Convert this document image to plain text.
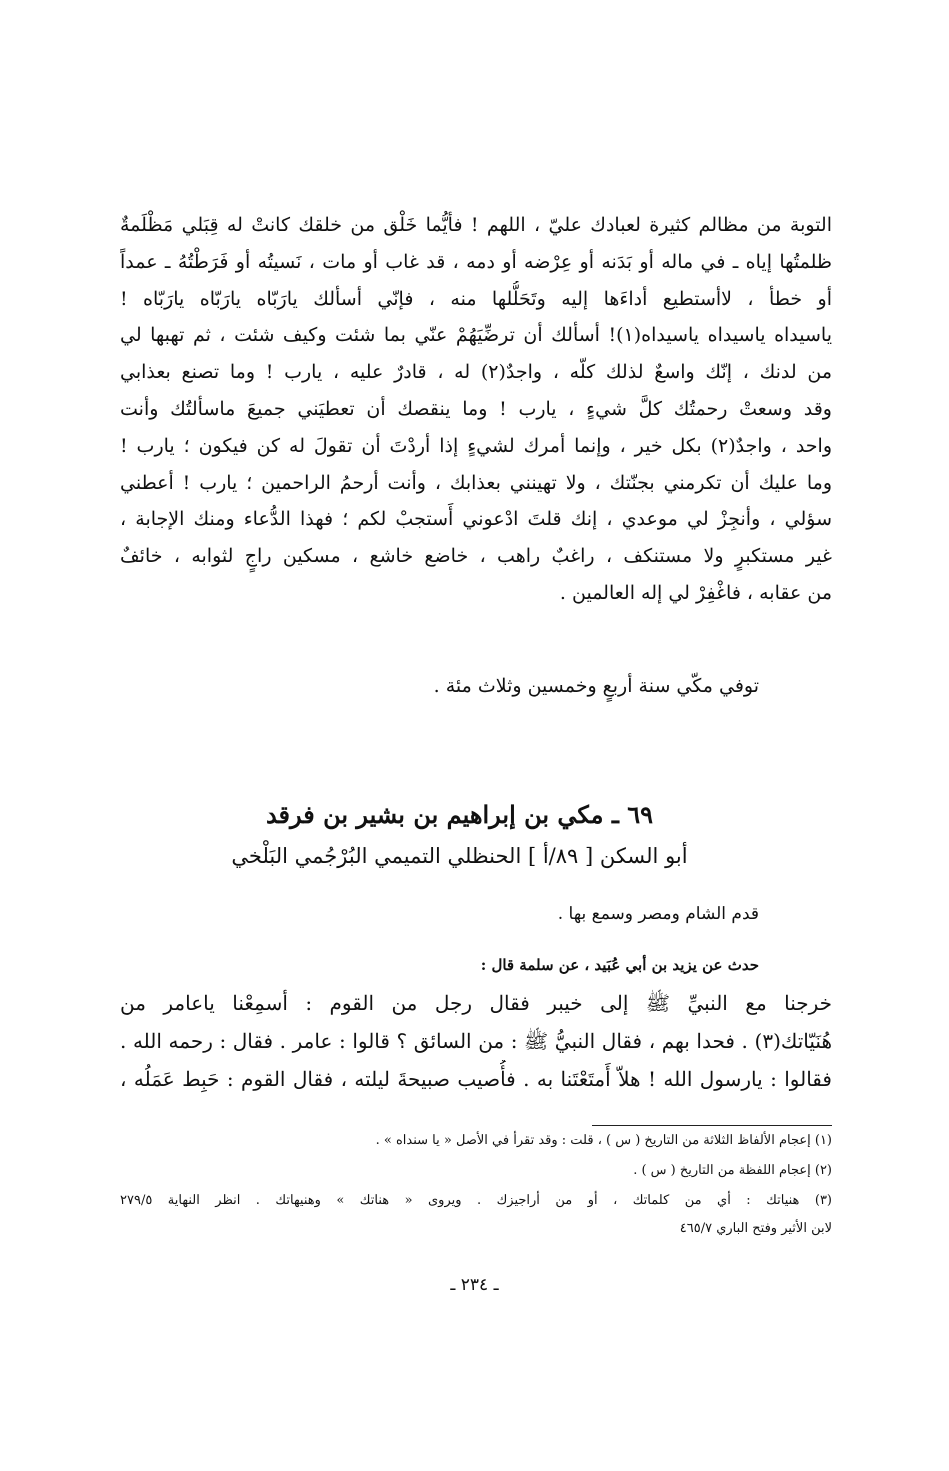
التوبة من مظالم كثيرة لعبادك عليّ ، اللهم ! فأيُّما خَلْق من خلقك كانتْ له قِبَلي مَظْلَمةٌ
ظلمتُها إياه ـ في ماله أو بَدَنه أو عِرْضه أو دمه ، قد غاب أو مات ، نَسيتُه أو فَرَطْتُهُ ـ عمداً
أو خطأ ، لاأستطيع أداءَها إليه وتَحَلُّلها منه ، فإنّي أسألك يارَبّاه يارَبّاه يارَبّاه !
ياسيداه ياسيداه ياسيداه(١)! أسألك أن ترضِّيَهُمْ عنّي بما شئت وكيف شئت ، ثم تهبها لي
من لدنك ، إنّك واسعٌ لذلك كلّه ، واجدٌ(٢) له ، قادرٌ عليه ، يارب ! وما تصنع بعذابي
وقد وسعتْ رحمتُك كلَّ شيءٍ ، يارب ! وما ينقصك أن تعطيَني جميعَ ماسألتُك وأنت
واحد ، واجدٌ(٢) بكل خير ، وإنما أمرك لشيءٍ إذا أردْتَ أن تقولَ له كن فيكون ؛ يارب !
وما عليك أن تكرمني بجنّتك ، ولا تهينني بعذابك ، وأنت أرحمُ الراحمين ؛ يارب ! أعطني
سؤلي ، وأنجِزْ لي موعدي ، إنك قلتَ ادْعوني أَستجبْ لكم ؛ فهذا الدُّعاء ومنك الإجابة ،
غير مستكبرٍ ولا مستنكف ، راغبٌ راهب ، خاضع خاشع ، مسكين راجٍ لثوابه ، خائفٌ
من عقابه ، فاغْفِرْ لي إله العالمين .
توفي مكّي سنة أربعٍ وخمسين وثلاث مئة .
٦٩ ـ مكي بن إبراهيم بن بشير بن فرقد
أبو السكن [ ٨٩/أ ] الحنظلي التميمي البُرْجُمي البَلْخي
قدم الشام ومصر وسمع بها .
حدث عن يزيد بن أبي عُبَيد ، عن سلمة قال :
خرجنا مع النبيِّ ﷺ إلى خيبر فقال رجل من القوم : أسمِعْنا ياعامر من
هُنَيّاتك(٣) . فحدا بهم ، فقال النبيُّ ﷺ : من السائق ؟ قالوا : عامر . فقال : رحمه الله .
فقالوا : يارسول الله ! هلاّ أَمتَعْتَنا به . فأُصيب صبيحةَ ليلته ، فقال القوم : حَبِط عَمَلُه ،
(١) إعجام الألفاظ الثلاثة من التاريخ ( س ) ، قلت : وقد تقرأ في الأصل « يا سنداه » .
(٢) إعجام اللفظة من التاريخ ( س ) .
(٣) هنياتك : أي من كلماتك ، أو من أراجيزك . ويروى « هناتك » وهنيهاتك . انظر النهاية ٢٧٩/٥
لابن الأثير وفتح الباري ٤٦٥/٧
ـ ٢٣٤ ـ
